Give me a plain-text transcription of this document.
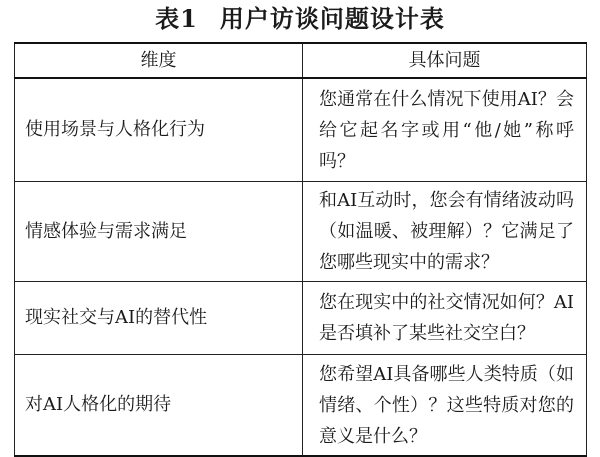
表1 用户访谈问题设计表
维度	具体问题
使用场景与人格化行为	您通常在什么情况下使用AI？会给它起名字或用“他/她”称呼吗？
情感体验与需求满足	和AI互动时，您会有情绪波动吗（如温暖、被理解）？它满足了您哪些现实中的需求？
现实社交与AI的替代性	您在现实中的社交情况如何？AI是否填补了某些社交空白？
对AI人格化的期待	您希望AI具备哪些人类特质（如情绪、个性）？这些特质对您的意义是什么？
